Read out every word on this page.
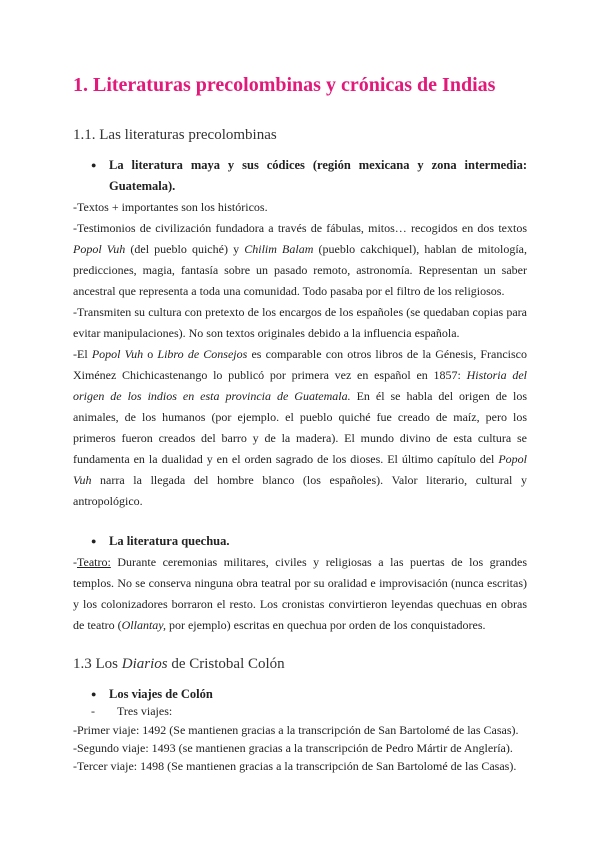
1. Literaturas precolombinas y crónicas de Indias
1.1. Las literaturas precolombinas
●	La literatura maya y sus códices (región mexicana y zona intermedia: Guatemala).

-Textos + importantes son los históricos.

-Testimonios de civilización fundadora a través de fábulas, mitos… recogidos en dos textos Popol Vuh (del pueblo quiché) y Chilim Balam (pueblo cakchiquel), hablan de mitología, predicciones, magia, fantasía sobre un pasado remoto, astronomía. Representan un saber ancestral que representa a toda una comunidad. Todo pasaba por el filtro de los religiosos.

-Transmiten su cultura con pretexto de los encargos de los españoles (se quedaban copias para evitar manipulaciones). No son textos originales debido a la influencia española.

-El Popol Vuh o Libro de Consejos es comparable con otros libros de la Génesis, Francisco Ximénez Chichicastenango lo publicó por primera vez en español en 1857: Historia del origen de los indios en esta provincia de Guatemala. En él se habla del origen de los animales, de los humanos (por ejemplo. el pueblo quiché fue creado de maíz, pero los primeros fueron creados del barro y de la madera). El mundo divino de esta cultura se fundamenta en la dualidad y en el orden sagrado de los dioses. El último capítulo del Popol Vuh narra la llegada del hombre blanco (los españoles). Valor literario, cultural y antropológico.

●	La literatura quechua.

-Teatro: Durante ceremonias militares, civiles y religiosas a las puertas de los grandes templos. No se conserva ninguna obra teatral por su oralidad e improvisación (nunca escritas) y los colonizadores borraron el resto. Los cronistas convirtieron leyendas quechuas en obras de teatro (Ollantay, por ejemplo) escritas en quechua por orden de los conquistadores.

1.3 Los Diarios de Cristobal Colón
●	Los viajes de Colón

- Tres viajes:

-Primer viaje: 1492 (Se mantienen gracias a la transcripción de San Bartolomé de las Casas).

-Segundo viaje: 1493 (se mantienen gracias a la transcripción de Pedro Mártir de Anglería).

-Tercer viaje: 1498 (Se mantienen gracias a la transcripción de San Bartolomé de las Casas).
